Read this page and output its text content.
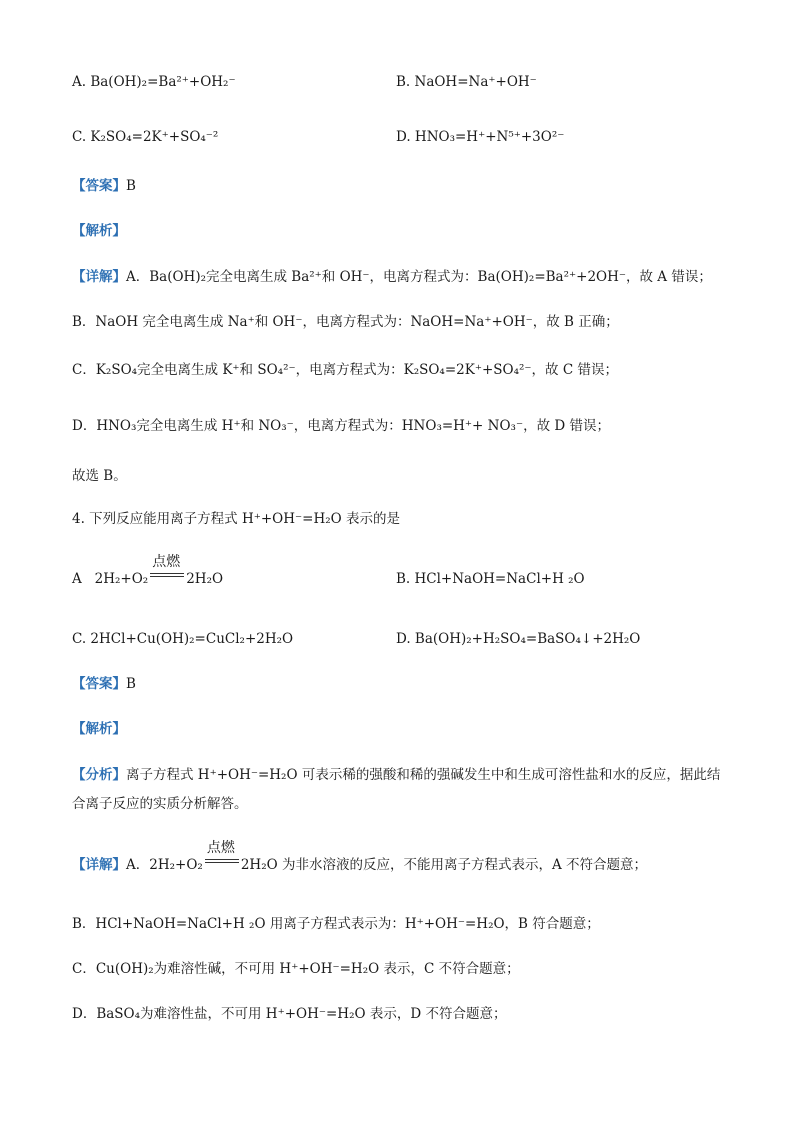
A. Ba(OH)₂=Ba²⁺+OH₂⁻	B. NaOH=Na⁺+OH⁻
C. K₂SO₄=2K⁺+SO₄⁻²	D. HNO₃=H⁺+N⁵⁺+3O²⁻
【答案】B
【解析】
【详解】A．Ba(OH)₂完全电离生成 Ba²⁺和 OH⁻，电离方程式为：Ba(OH)₂=Ba²⁺+2OH⁻，故 A 错误；
B．NaOH 完全电离生成 Na⁺和 OH⁻，电离方程式为：NaOH=Na⁺+OH⁻，故 B 正确；
C．K₂SO₄完全电离生成 K⁺和 SO₄²⁻，电离方程式为：K₂SO₄=2K⁺+SO₄²⁻，故 C 错误；
D．HNO₃完全电离生成 H⁺和 NO₃⁻，电离方程式为：HNO₃=H⁺+ NO₃⁻，故 D 错误；
故选 B。
4. 下列反应能用离子方程式 H⁺+OH⁻=H₂O 表示的是
A 2H₂+O₂
点燃
2H₂O	B. HCl+NaOH=NaCl+H ₂O
C. 2HCl+Cu(OH)₂=CuCl₂+2H₂O	D. Ba(OH)₂+H₂SO₄=BaSO₄↓+2H₂O
【答案】B
【解析】
【分析】离子方程式 H⁺+OH⁻=H₂O 可表示稀的强酸和稀的强碱发生中和生成可溶性盐和水的反应，据此结
合离子反应的实质分析解答。
【详解】A．2H₂+O₂
点燃
2H₂O 为非水溶液的反应，不能用离子方程式表示，A 不符合题意；
B．HCl+NaOH=NaCl+H ₂O 用离子方程式表示为：H⁺+OH⁻=H₂O，B 符合题意；
C．Cu(OH)₂为难溶性碱，不可用 H⁺+OH⁻=H₂O 表示，C 不符合题意；
D．BaSO₄为难溶性盐，不可用 H⁺+OH⁻=H₂O 表示，D 不符合题意；
